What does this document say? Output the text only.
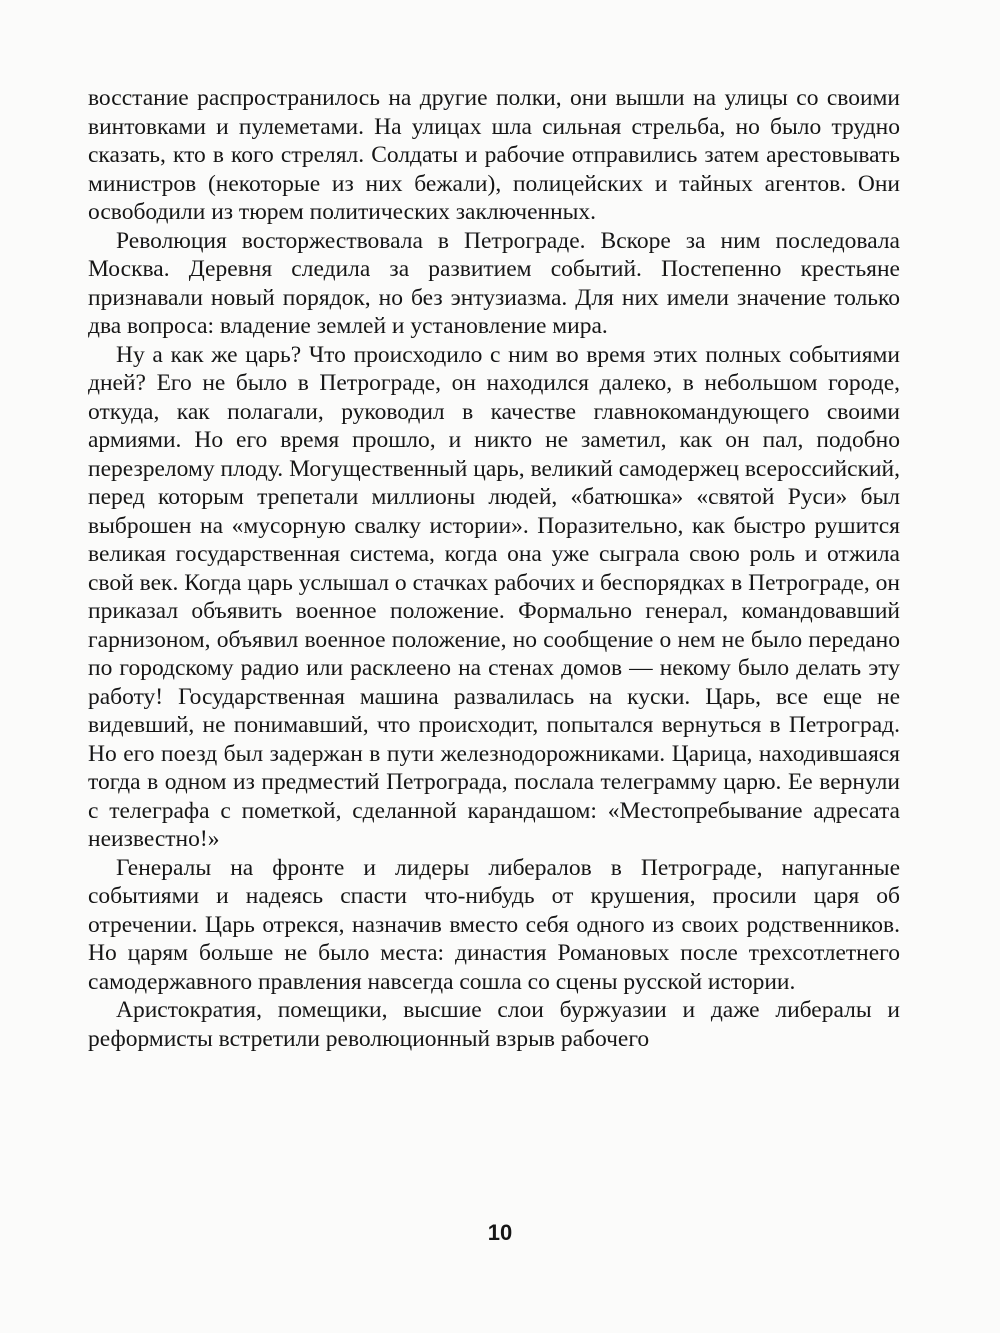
восстание распространилось на другие полки, они вышли на улицы со своими винтовками и пулеметами. На улицах шла сильная стрельба, но было трудно сказать, кто в кого стрелял. Солдаты и рабочие отправились затем арестовывать министров (некоторые из них бежали), полицейских и тайных агентов. Они освободили из тюрем политических заключенных.

Революция восторжествовала в Петрограде. Вскоре за ним последовала Москва. Деревня следила за развитием событий. Постепенно крестьяне признавали новый порядок, но без энтузиазма. Для них имели значение только два вопроса: владение землей и установление мира.

Ну а как же царь? Что происходило с ним во время этих полных событиями дней? Его не было в Петрограде, он находился далеко, в небольшом городе, откуда, как полагали, руководил в качестве главнокомандующего своими армиями. Но его время прошло, и никто не заметил, как он пал, подобно перезрелому плоду. Могущественный царь, великий самодержец всероссийский, перед которым трепетали миллионы людей, «батюшка» «святой Руси» был выброшен на «мусорную свалку истории». Поразительно, как быстро рушится великая государственная система, когда она уже сыграла свою роль и отжила свой век. Когда царь услышал о стачках рабочих и беспорядках в Петрограде, он приказал объявить военное положение. Формально генерал, командовавший гарнизоном, объявил военное положение, но сообщение о нем не было передано по городскому радио или расклеено на стенах домов — некому было делать эту работу! Государственная машина развалилась на куски. Царь, все еще не видевший, не понимавший, что происходит, попытался вернуться в Петроград. Но его поезд был задержан в пути железнодорожниками. Царица, находившаяся тогда в одном из предместий Петрограда, послала телеграмму царю. Ее вернули с телеграфа с пометкой, сделанной карандашом: «Местопребывание адресата неизвестно!»

Генералы на фронте и лидеры либералов в Петрограде, напуганные событиями и надеясь спасти что-нибудь от крушения, просили царя об отречении. Царь отрекся, назначив вместо себя одного из своих родственников. Но царям больше не было места: династия Романовых после трехсотлетнего самодержавного правления навсегда сошла со сцены русской истории.

Аристократия, помещики, высшие слои буржуазии и даже либералы и реформисты встретили революционный взрыв рабочего

10
